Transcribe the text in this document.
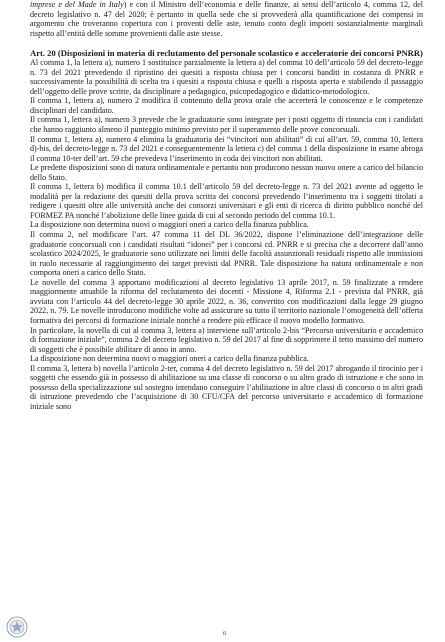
imprese e del Made in Italy) e con il Ministro dell’economia e delle finanze, ai sensi dell’articolo 4, comma 12, del decreto legislativo n. 47 del 2020; è pertanto in quella sede che si provvederà alla quantificazione dei compensi in argomento che troveranno copertura con i proventi delle aste, tenuto conto degli importi sostanzialmente marginali rispetto all’entità delle somme provenienti dalle aste stesse.

Art. 20 (Disposizioni in materia di reclutamento del personale scolastico e acceleratorie dei concorsi PNRR)

Al comma 1, la lettera a), numero 1 sostituisce parzialmente la lettera a) del comma 10 dell’articolo 59 del decreto-legge n. 73 del 2021 prevedendo il ripristino dei quesiti a risposta chiusa per i concorsi banditi in costanza di PNRR e successivamente la possibilità di scelta tra i quesiti a risposta chiusa e quelli a risposta aperta e stabilendo il passaggio dell’oggetto delle prove scritte, da disciplinare a pedagogico, psicopedagogico e didattico-metodologico.

Il comma 1, lettera a), numero 2 modifica il contenuto della prova orale che accerterà le conoscenze e le competenze disciplinari del candidato.

Il comma 1, lettera a), numero 3 prevede che le graduatorie sono integrate per i posti oggetto di rinuncia con i candidati che hanno raggiunto almeno il punteggio minimo previsto per il superamento delle prove concorsuali.

Il comma 1, lettera a), numero 4 elimina la graduatoria dei “vincitori non abilitati” di cui all’art. 59, comma 10, lettera d)-bis, del decreto-legge n. 73 del 2021 e conseguentemente la lettera c) del comma 1 della disposizione in esame abroga il comma 10-ter dell’art. 59 che prevedeva l’inserimento in coda dei vincitori non abilitati.

Le predette disposizioni sono di natura ordinamentale e pertanto non producono nessun nuovo onere a carico del bilancio dello Stato.

Il comma 1, lettera b) modifica il comma 10.1 dell’articolo 59 del decreto-legge n. 73 del 2021 avente ad oggetto le modalità per la redazione dei quesiti della prova scritta dei concorsi prevedendo l’inserimento tra i soggetti titolati a redigere i quesiti oltre alle università anche dei consorzi universitari e gli enti di ricerca di diritto pubblico nonché del FORMEZ PA nonché l’abolizione delle linee guida di cui al secondo periodo del comma 10.1.

La disposizione non determina nuovi o maggiori oneri a carico della finanza pubblica.

Il comma 2, nel modificare l’art. 47 comma 11 del DL 36/2022, dispone l’eliminazione dell’integrazione delle graduatorie concorsuali con i candidati risultati “idonei” per i concorsi cd. PNRR e si precisa che a decorrere dall’anno scolastico 2024/2025, le graduatorie sono utilizzate nei limiti delle facoltà assunzionali residuali rispetto alle immissioni in ruolo necessarie al raggiungimento dei target previsti dal PNRR. Tale disposizione ha natura ordinamentale e non comporta oneri a carico dello Stato.

Le novelle del comma 3 apportano modificazioni al decreto legislativo 13 aprile 2017, n. 59 finalizzate a rendere maggiormente attuabile la riforma del reclutamento dei docenti - Missione 4, Riforma 2.1 - prevista dal PNRR, già avviata con l’articolo 44 del decreto-legge 30 aprile 2022, n. 36, convertito con modificazioni dalla legge 29 giugno 2022, n. 79. Le novelle introducono modifiche volte ad assicurare su tutto il territorio nazionale l’omogeneità dell’offerta formativa dei percorsi di formazione iniziale nonché a rendere più efficace il nuovo modello formativo.

In particolare, la novella di cui al comma 3, lettera a) interviene sull’articolo 2-bis “Percorso universitario e accademico di formazione iniziale”, comma 2 del decreto legislativo n. 59 del 2017 al fine di sopprimere il tetto massimo del numero di soggetti che è possibile abilitare di anno in anno.

La disposizione non determina nuovi o maggiori oneri a carico della finanza pubblica.

Il comma 3, lettera b) novella l’articolo 2-ter, comma 4 del decreto legislativo n. 59 del 2017 abrogando il tirocinio per i soggetti che essendo già in possesso di abilitazione su una classe di concorso o su altro grado di istruzione e che sono in possesso della specializzazione sul sostegno intendano conseguire l’abilitazione in altre classi di concorso o in altri gradi di istruzione prevedendo che l’acquisizione di 30 CFU/CFA del percorso universitario e accademico di formazione iniziale sono

6
